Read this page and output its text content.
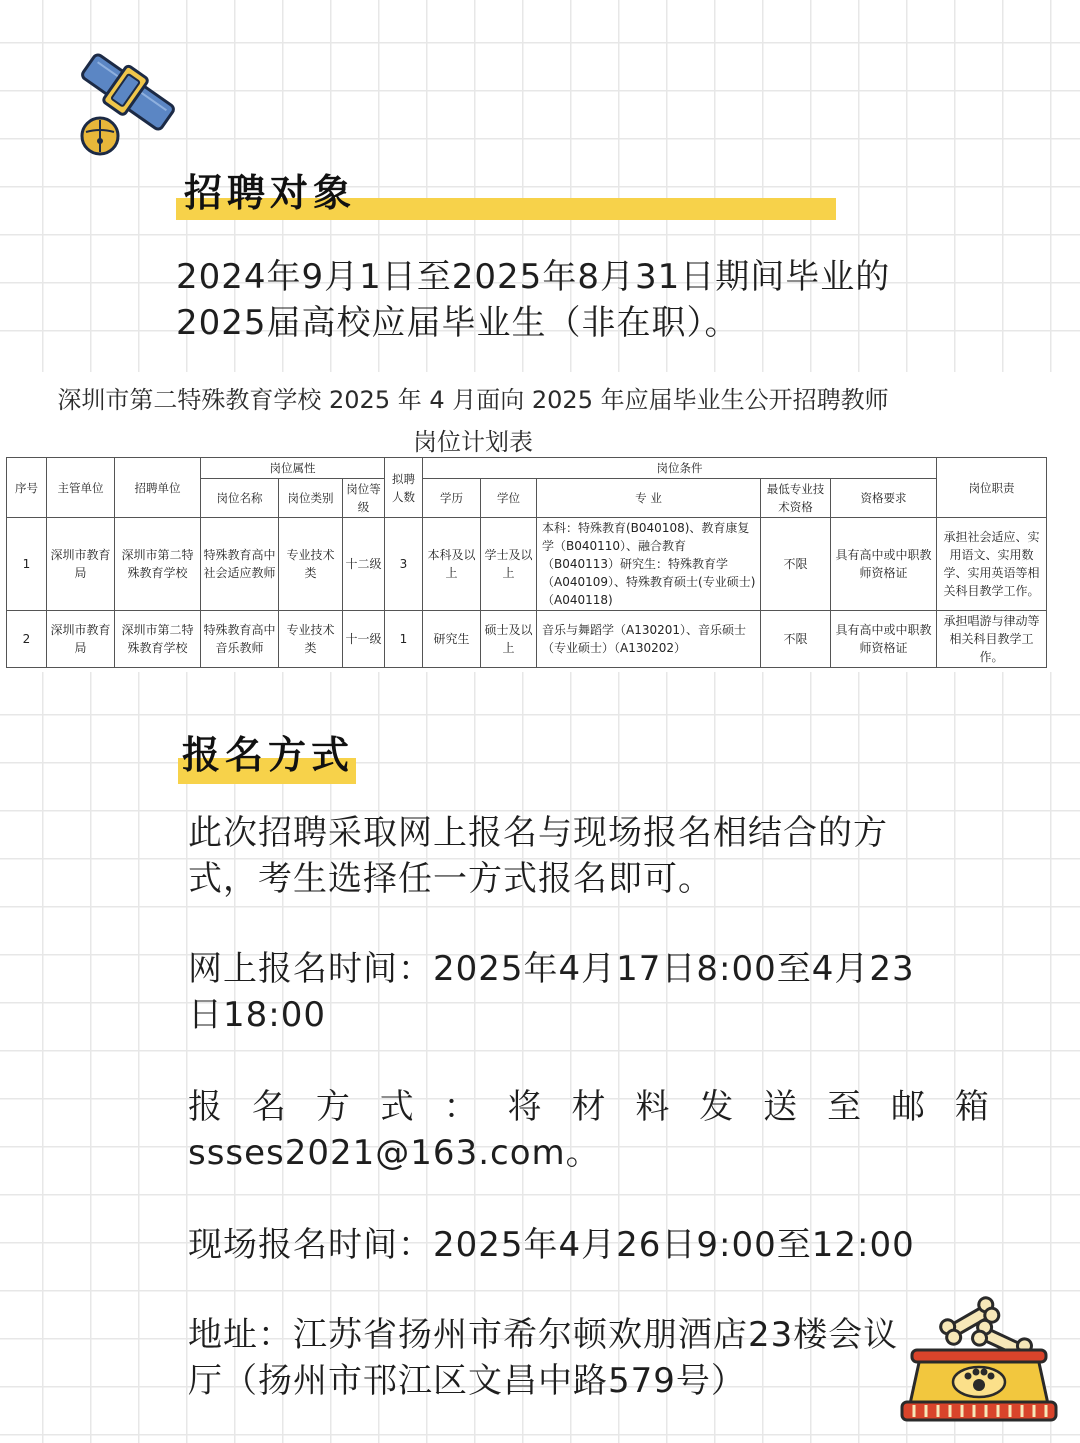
招聘对象
2024年9月1日至2025年8月31日期间毕业的
2025届高校应届毕业生（非在职）。
深圳市第二特殊教育学校 2025 年 4 月面向 2025 年应届毕业生公开招聘教师
岗位计划表
序号	主管单位	招聘单位	岗位属性			拟聘人数	岗位条件					岗位职责
			岗位名称	岗位类别	岗位等级		学历	学位	专 业	最低专业技术资格	资格要求	
1	深圳市教育局	深圳市第二特殊教育学校	特殊教育高中社会适应教师	专业技术类	十二级	3	本科及以上	学士及以上	本科：特殊教育(B040108)、教育康复学（B040110）、融合教育（B040113）研究生：特殊教育学（A040109）、特殊教育硕士(专业硕士)（A040118)	不限	具有高中或中职教师资格证	承担社会适应、实用语文、实用数学、实用英语等相关科目教学工作。
2	深圳市教育局	深圳市第二特殊教育学校	特殊教育高中音乐教师	专业技术类	十一级	1	研究生	硕士及以上	音乐与舞蹈学（A130201）、音乐硕士（专业硕士）（A130202）	不限	具有高中或中职教师资格证	承担唱游与律动等相关科目教学工作。
报名方式
此次招聘采取网上报名与现场报名相结合的方
式，考生选择任一方式报名即可。
网上报名时间：2025年4月17日8:00至4月23
日18:00
报 名 方 式 ： 将 材 料 发 送 至 邮 箱
ssses2021@163.com。
现场报名时间：2025年4月26日9:00至12:00
地址：江苏省扬州市希尔顿欢朋酒店23楼会议
厅（扬州市邗江区文昌中路579号）
